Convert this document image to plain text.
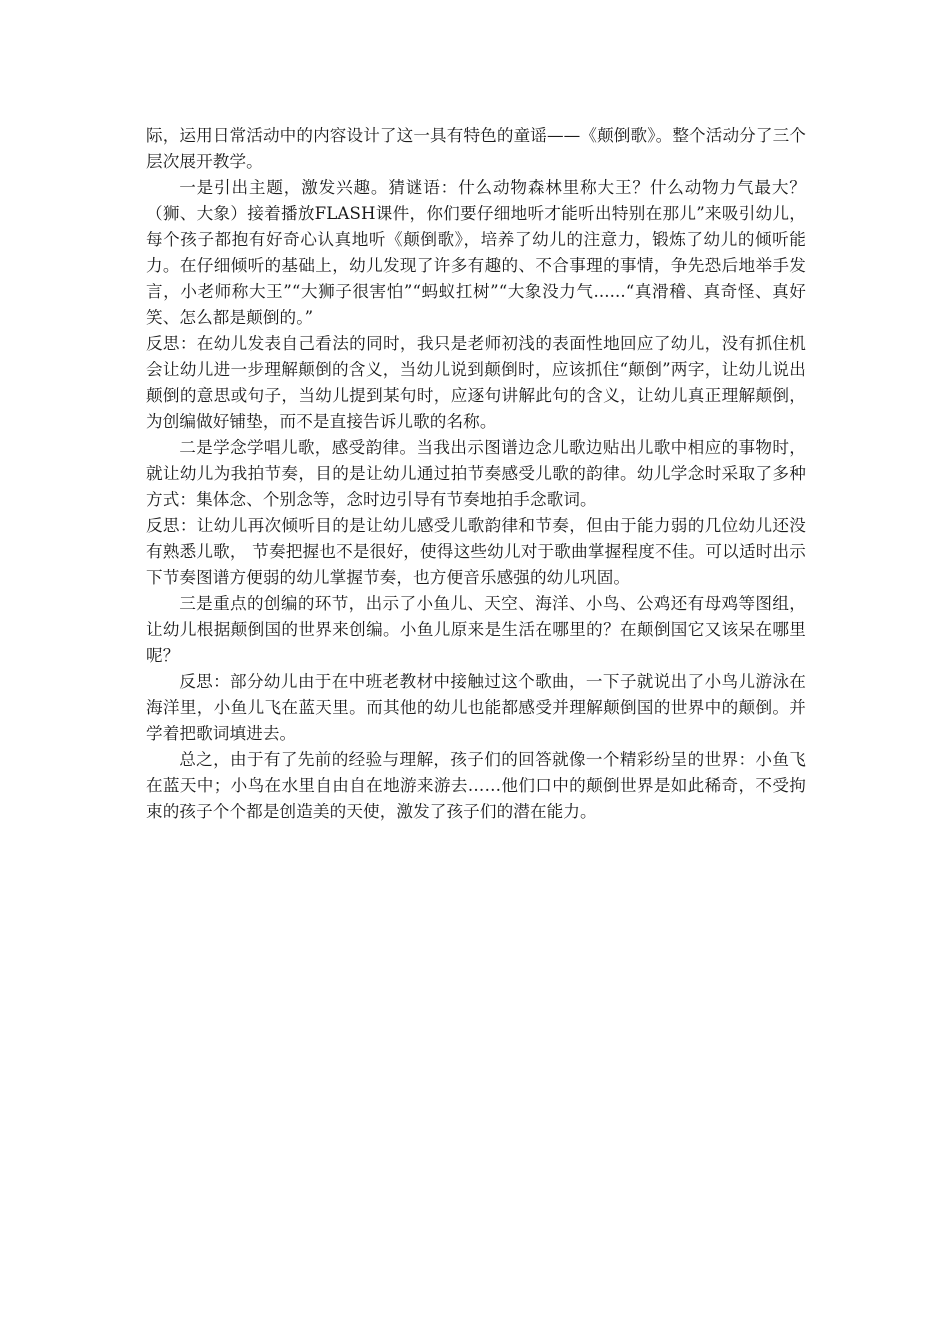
际，运用日常活动中的内容设计了这一具有特色的童谣——《颠倒歌》。整个活动分了三个层次展开教学。

一是引出主题，激发兴趣。猜谜语：什么动物森林里称大王？什么动物力气最大？（狮、大象）接着播放FLASH课件，你们要仔细地听才能听出特别在那儿”来吸引幼儿，每个孩子都抱有好奇心认真地听《颠倒歌》，培养了幼儿的注意力，锻炼了幼儿的倾听能力。在仔细倾听的基础上，幼儿发现了许多有趣的、不合事理的事情，争先恐后地举手发言，小老师称大王”“大狮子很害怕”“蚂蚁扛树”“大象没力气......“真滑稽、真奇怪、真好笑、怎么都是颠倒的。”

反思：在幼儿发表自己看法的同时，我只是老师初浅的表面性地回应了幼儿，没有抓住机会让幼儿进一步理解颠倒的含义，当幼儿说到颠倒时，应该抓住“颠倒”两字，让幼儿说出颠倒的意思或句子，当幼儿提到某句时，应逐句讲解此句的含义，让幼儿真正理解颠倒，为创编做好铺垫，而不是直接告诉儿歌的名称。

二是学念学唱儿歌，感受韵律。当我出示图谱边念儿歌边贴出儿歌中相应的事物时，就让幼儿为我拍节奏，目的是让幼儿通过拍节奏感受儿歌的韵律。幼儿学念时采取了多种方式：集体念、个别念等，念时边引导有节奏地拍手念歌词。

反思：让幼儿再次倾听目的是让幼儿感受儿歌韵律和节奏，但由于能力弱的几位幼儿还没有熟悉儿歌， 节奏把握也不是很好，使得这些幼儿对于歌曲掌握程度不佳。可以适时出示下节奏图谱方便弱的幼儿掌握节奏，也方便音乐感强的幼儿巩固。

三是重点的创编的环节，出示了小鱼儿、天空、海洋、小鸟、公鸡还有母鸡等图组，让幼儿根据颠倒国的世界来创编。小鱼儿原来是生活在哪里的？在颠倒国它又该呆在哪里呢？

反思：部分幼儿由于在中班老教材中接触过这个歌曲，一下子就说出了小鸟儿游泳在海洋里，小鱼儿飞在蓝天里。而其他的幼儿也能都感受并理解颠倒国的世界中的颠倒。并学着把歌词填进去。

总之，由于有了先前的经验与理解，孩子们的回答就像一个精彩纷呈的世界：小鱼飞在蓝天中；小鸟在水里自由自在地游来游去……他们口中的颠倒世界是如此稀奇，不受拘束的孩子个个都是创造美的天使，激发了孩子们的潜在能力。
